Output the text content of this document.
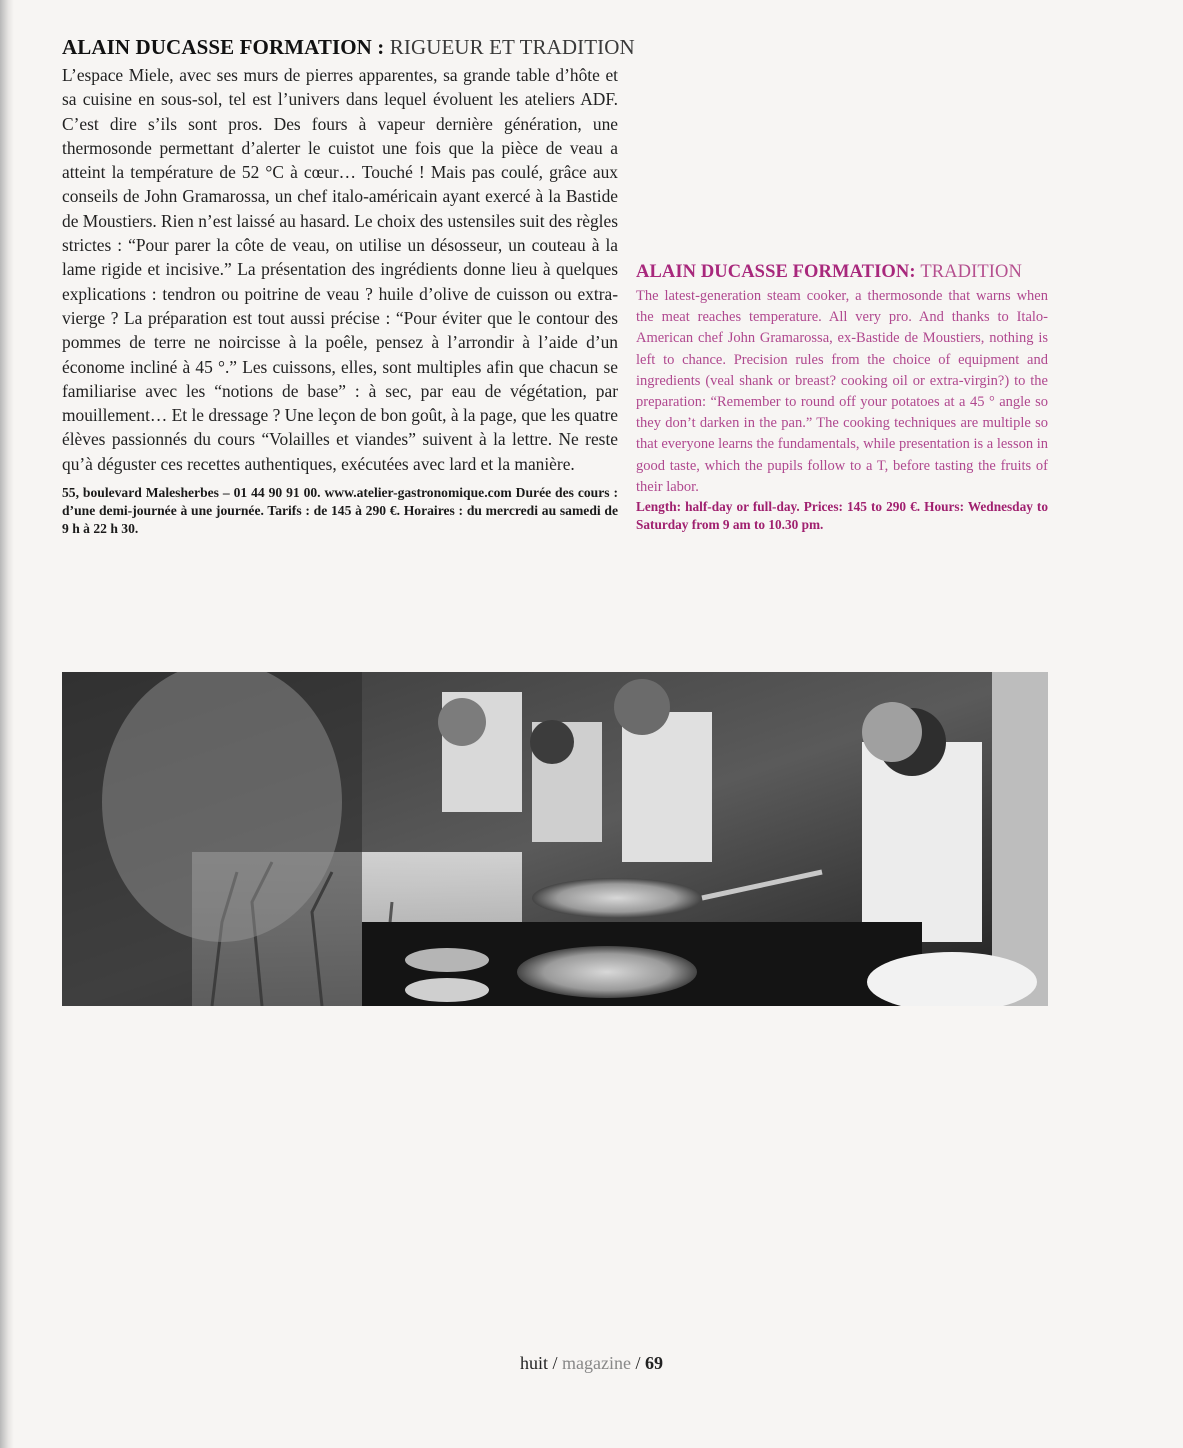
ALAIN DUCASSE FORMATION : RIGUEUR ET TRADITION

L’espace Miele, avec ses murs de pierres apparentes, sa grande table d’hôte et sa cuisine en sous-sol, tel est l’univers dans lequel évoluent les ateliers ADF. C’est dire s’ils sont pros. Des fours à vapeur dernière génération, une thermosonde permettant d’alerter le cuistot une fois que la pièce de veau a atteint la température de 52 °C à cœur… Touché ! Mais pas coulé, grâce aux conseils de John Gramarossa, un chef italo-américain ayant exercé à la Bastide de Moustiers. Rien n’est laissé au hasard. Le choix des ustensiles suit des règles strictes : “Pour parer la côte de veau, on utilise un désosseur, un couteau à la lame rigide et incisive.” La présentation des ingrédients donne lieu à quelques explications : tendron ou poitrine de veau ? huile d’olive de cuisson ou extra-vierge ? La préparation est tout aussi précise : “Pour éviter que le contour des pommes de terre ne noircisse à la poêle, pensez à l’arrondir à l’aide d’un économe incliné à 45 °.” Les cuissons, elles, sont multiples afin que chacun se familiarise avec les “notions de base” : à sec, par eau de végétation, par mouillement… Et le dressage ? Une leçon de bon goût, à la page, que les quatre élèves passionnés du cours “Volailles et viandes” suivent à la lettre. Ne reste qu’à déguster ces recettes authentiques, exécutées avec lard et la manière.

55, boulevard Malesherbes – 01 44 90 91 00. www.atelier-gastronomique.com Durée des cours : d’une demi-journée à une journée. Tarifs : de 145 à 290 €. Horaires : du mercredi au samedi de 9 h à 22 h 30.

ALAIN DUCASSE FORMATION: TRADITION

The latest-generation steam cooker, a thermosonde that warns when the meat reaches temperature. All very pro. And thanks to Italo-American chef John Gramarossa, ex-Bastide de Moustiers, nothing is left to chance. Precision rules from the choice of equipment and ingredients (veal shank or breast? cooking oil or extra-virgin?) to the preparation: “Remember to round off your potatoes at a 45 ° angle so they don’t darken in the pan.” The cooking techniques are multiple so that everyone learns the fundamentals, while presentation is a lesson in good taste, which the pupils follow to a T, before tasting the fruits of their labor.

Length: half-day or full-day. Prices: 145 to 290 €. Hours: Wednesday to Saturday from 9 am to 10.30 pm.

huit / magazine / 69
